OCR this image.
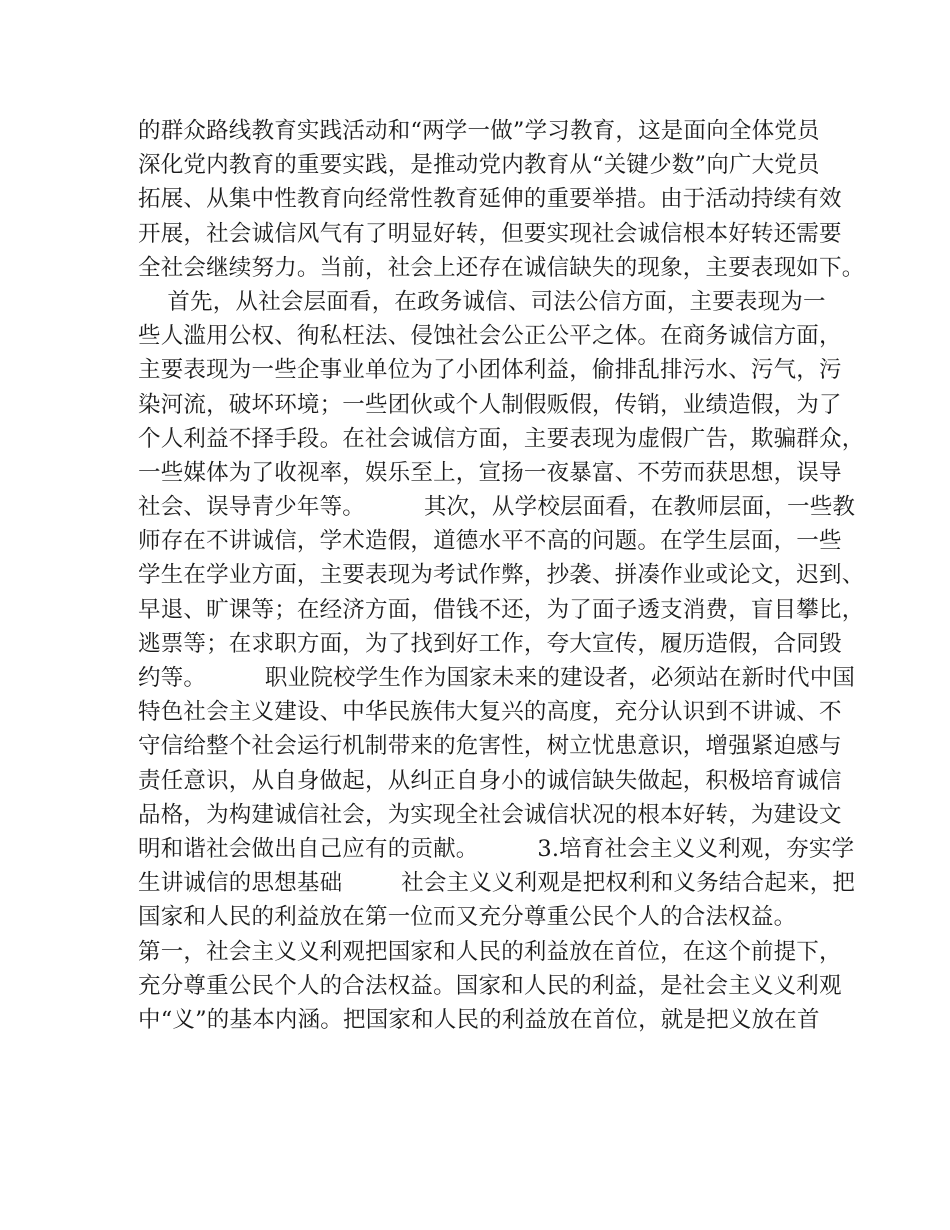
的群众路线教育实践活动和“两学一做”学习教育，这是面向全体党员
深化党内教育的重要实践，是推动党内教育从“关键少数”向广大党员
拓展、从集中性教育向经常性教育延伸的重要举措。由于活动持续有效
开展，社会诚信风气有了明显好转，但要实现社会诚信根本好转还需要
全社会继续努力。当前，社会上还存在诚信缺失的现象，主要表现如下。
首先，从社会层面看，在政务诚信、司法公信方面，主要表现为一
些人滥用公权、徇私枉法、侵蚀社会公正公平之体。在商务诚信方面，
主要表现为一些企事业单位为了小团体利益，偷排乱排污水、污气，污
染河流，破坏环境；一些团伙或个人制假贩假，传销，业绩造假，为了
个人利益不择手段。在社会诚信方面，主要表现为虚假广告，欺骗群众，
一些媒体为了收视率，娱乐至上，宣扬一夜暴富、不劳而获思想，误导
社会、误导青少年等。        其次，从学校层面看，在教师层面，一些教
师存在不讲诚信，学术造假，道德水平不高的问题。在学生层面，一些
学生在学业方面，主要表现为考试作弊，抄袭、拼凑作业或论文，迟到、
早退、旷课等；在经济方面，借钱不还，为了面子透支消费，盲目攀比，
逃票等；在求职方面，为了找到好工作，夸大宣传，履历造假，合同毁
约等。        职业院校学生作为国家未来的建设者，必须站在新时代中国
特色社会主义建设、中华民族伟大复兴的高度，充分认识到不讲诚、不
守信给整个社会运行机制带来的危害性，树立忧患意识，增强紧迫感与
责任意识，从自身做起，从纠正自身小的诚信缺失做起，积极培育诚信
品格，为构建诚信社会，为实现全社会诚信状况的根本好转，为建设文
明和谐社会做出自己应有的贡献。        3.培育社会主义义利观，夯实学
生讲诚信的思想基础        社会主义义利观是把权利和义务结合起来，把
国家和人民的利益放在第一位而又充分尊重公民个人的合法权益。
第一，社会主义义利观把国家和人民的利益放在首位，在这个前提下，
充分尊重公民个人的合法权益。国家和人民的利益，是社会主义义利观
中“义”的基本内涵。把国家和人民的利益放在首位，就是把义放在首
